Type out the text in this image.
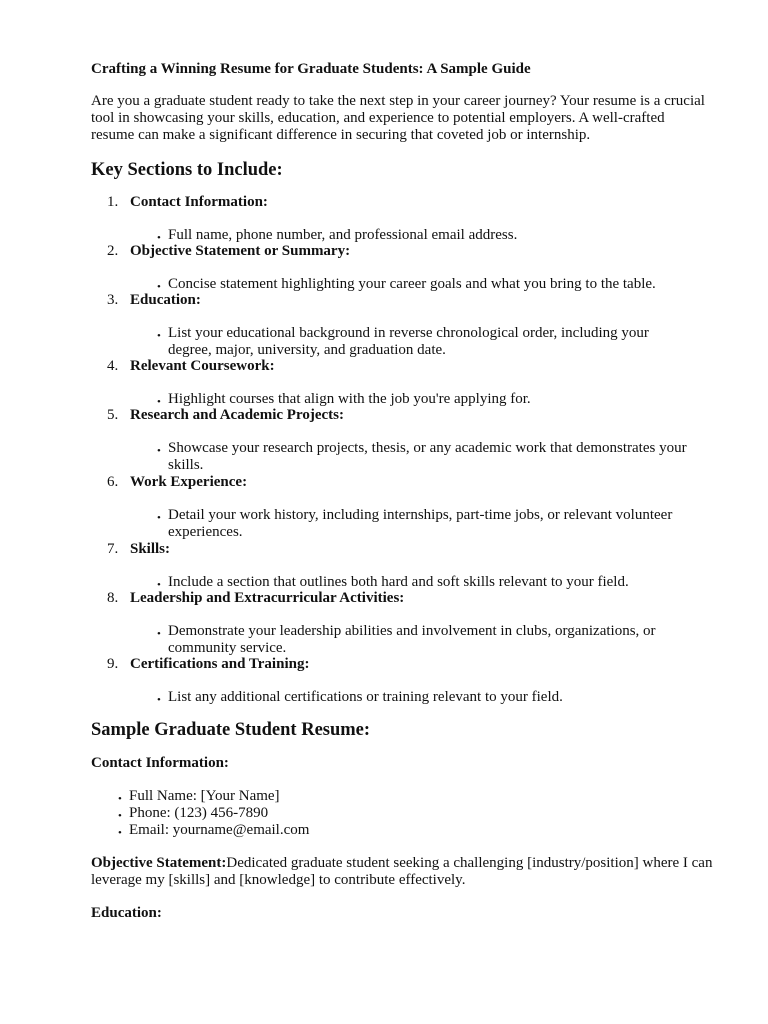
Crafting a Winning Resume for Graduate Students: A Sample Guide
Are you a graduate student ready to take the next step in your career journey? Your resume is a crucial tool in showcasing your skills, education, and experience to potential employers. A well-crafted resume can make a significant difference in securing that coveted job or internship.
Key Sections to Include:
1. Contact Information:
• Full name, phone number, and professional email address.
2. Objective Statement or Summary:
• Concise statement highlighting your career goals and what you bring to the table.
3. Education:
• List your educational background in reverse chronological order, including your degree, major, university, and graduation date.
4. Relevant Coursework:
• Highlight courses that align with the job you're applying for.
5. Research and Academic Projects:
• Showcase your research projects, thesis, or any academic work that demonstrates your skills.
6. Work Experience:
• Detail your work history, including internships, part-time jobs, or relevant volunteer experiences.
7. Skills:
• Include a section that outlines both hard and soft skills relevant to your field.
8. Leadership and Extracurricular Activities:
• Demonstrate your leadership abilities and involvement in clubs, organizations, or community service.
9. Certifications and Training:
• List any additional certifications or training relevant to your field.
Sample Graduate Student Resume:
Contact Information:
• Full Name: [Your Name]
• Phone: (123) 456-7890
• Email: yourname@email.com
Objective Statement:Dedicated graduate student seeking a challenging [industry/position] where I can leverage my [skills] and [knowledge] to contribute effectively.
Education:
